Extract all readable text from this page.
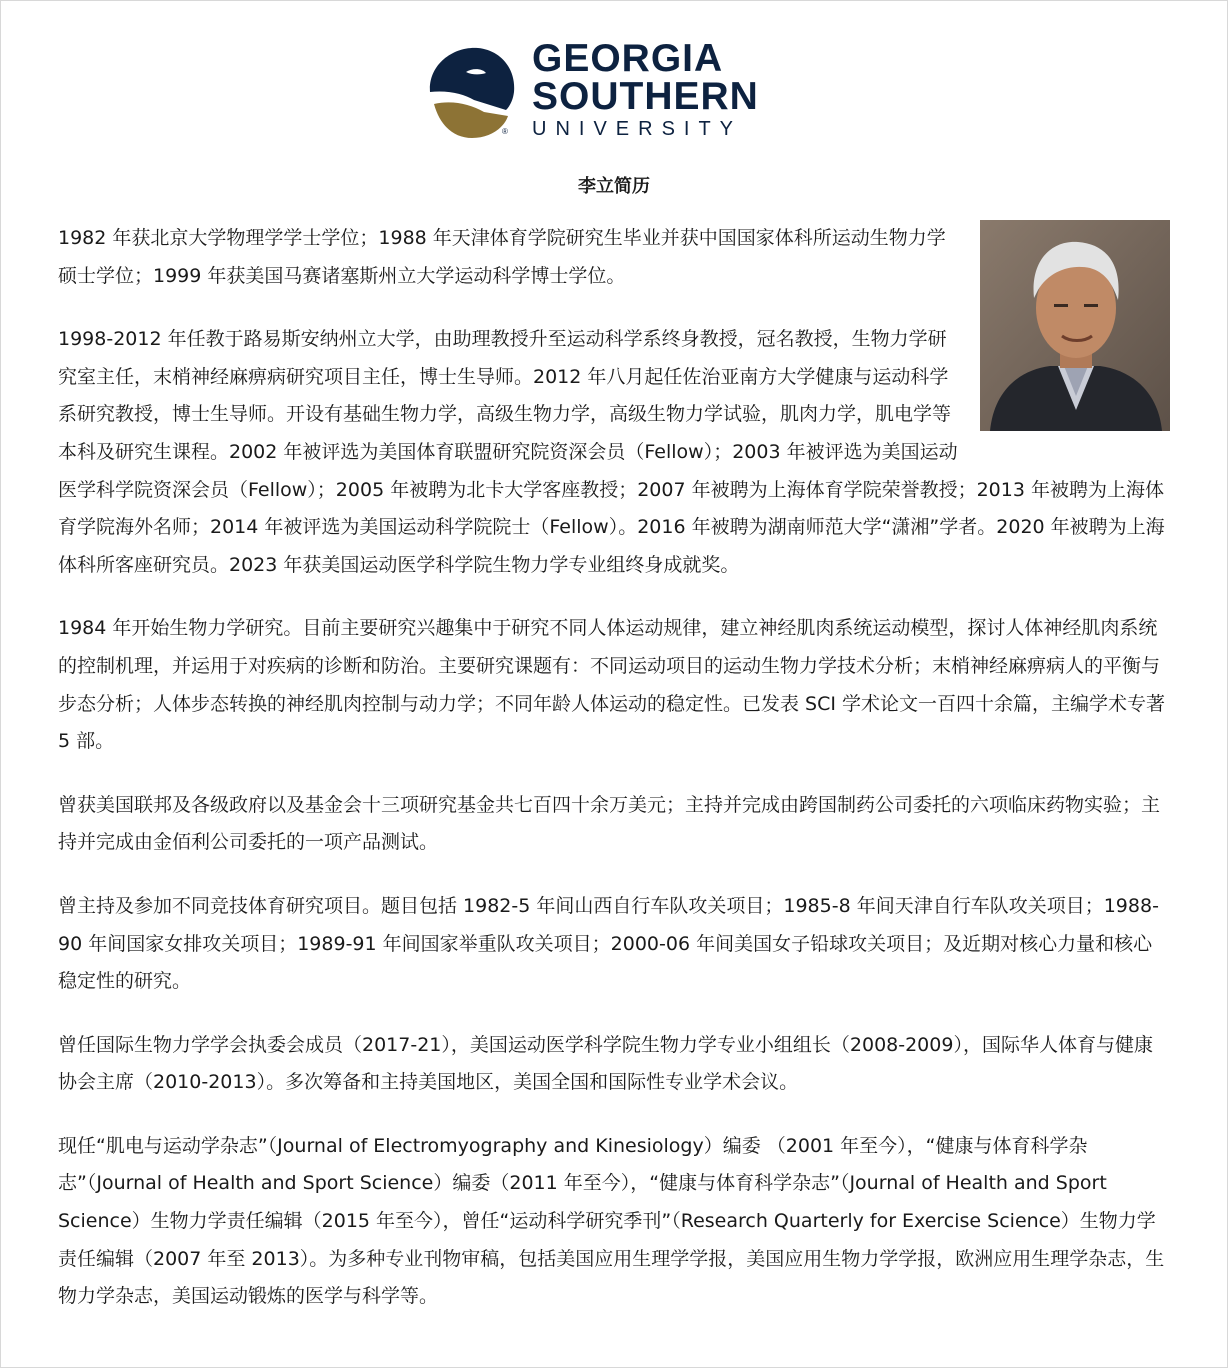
®
GEORGIA
SOUTHERN
UNIVERSITY
李立简历

1982 年获北京大学物理学学士学位；1988 年天津体育学院研究生毕业并获中国国家体科所运动生物力学硕士学位；1999 年获美国马赛诸塞斯州立大学运动科学博士学位。

1998-2012 年任教于路易斯安纳州立大学，由助理教授升至运动科学系终身教授，冠名教授，生物力学研究室主任，末梢神经麻痹病研究项目主任，博士生导师。2012 年八月起任佐治亚南方大学健康与运动科学系研究教授，博士生导师。开设有基础生物力学，高级生物力学，高级生物力学试验，肌肉力学，肌电学等本科及研究生课程。2002 年被评选为美国体育联盟研究院资深会员（Fellow）；2003 年被评选为美国运动医学科学院资深会员（Fellow）；2005 年被聘为北卡大学客座教授；2007 年被聘为上海体育学院荣誉教授；2013 年被聘为上海体育学院海外名师；2014 年被评选为美国运动科学院院士（Fellow）。2016 年被聘为湖南师范大学“潇湘”学者。2020 年被聘为上海体科所客座研究员。2023 年获美国运动医学科学院生物力学专业组终身成就奖。

1984 年开始生物力学研究。目前主要研究兴趣集中于研究不同人体运动规律，建立神经肌肉系统运动模型，探讨人体神经肌肉系统的控制机理，并运用于对疾病的诊断和防治。主要研究课题有：不同运动项目的运动生物力学技术分析；末梢神经麻痹病人的平衡与步态分析；人体步态转换的神经肌肉控制与动力学；不同年龄人体运动的稳定性。已发表 SCI 学术论文一百四十余篇，主编学术专著 5 部。

曾获美国联邦及各级政府以及基金会十三项研究基金共七百四十余万美元；主持并完成由跨国制药公司委托的六项临床药物实验；主持并完成由金佰利公司委托的一项产品测试。

曾主持及参加不同竞技体育研究项目。题目包括 1982-5 年间山西自行车队攻关项目；1985-8 年间天津自行车队攻关项目；1988-90 年间国家女排攻关项目；1989-91 年间国家举重队攻关项目；2000-06 年间美国女子铅球攻关项目；及近期对核心力量和核心稳定性的研究。

曾任国际生物力学学会执委会成员（2017-21），美国运动医学科学院生物力学专业小组组长（2008-2009），国际华人体育与健康协会主席（2010-2013）。多次筹备和主持美国地区，美国全国和国际性专业学术会议。

现任“肌电与运动学杂志”（Journal of Electromyography and Kinesiology）编委 （2001 年至今），“健康与体育科学杂志”（Journal of Health and Sport Science）编委（2011 年至今），“健康与体育科学杂志”（Journal of Health and Sport Science）生物力学责任编辑（2015 年至今），曾任“运动科学研究季刊”（Research Quarterly for Exercise Science）生物力学责任编辑（2007 年至 2013）。为多种专业刊物审稿，包括美国应用生理学学报，美国应用生物力学学报，欧洲应用生理学杂志，生物力学杂志，美国运动锻炼的医学与科学等。
